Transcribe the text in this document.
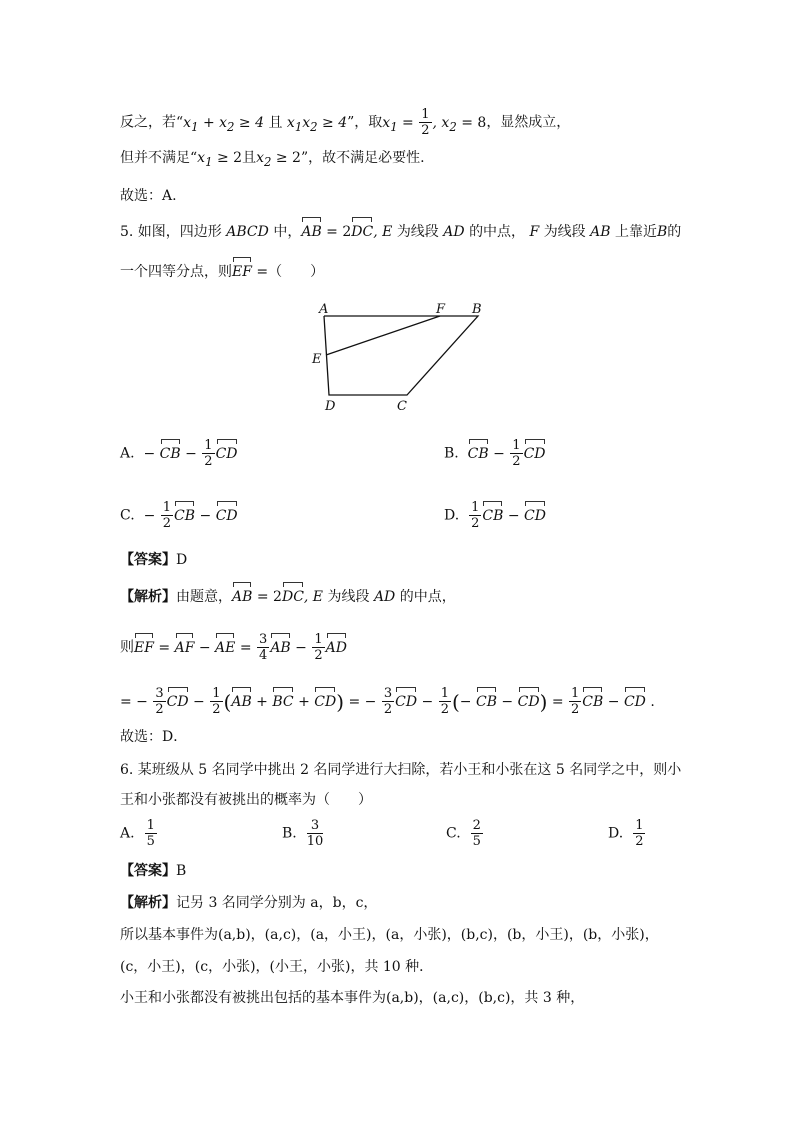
反之，若“$x_1 + x_2 \ge 4$ 且 $x_1x_2 \ge 4$”，取$x_1 = \frac{1}{2}$ , $x_2 = 8$，显然成立，
但并不满足“$x_1 \ge 2$且$x_2 \ge 2$”，故不满足必要性.
故选：A.
5. 如图，四边形 ABCD 中，AB = 2DC, E 为线段 AD 的中点， F 为线段 AB 上靠近B的
一个四等分点，则EF =（　　）
A	F B
E
D	C
A. − CB − $\frac{1}{2}$ CD	B. CB − $\frac{1}{2}$ CD
C. − $\frac{1}{2}$ CB − CD	D. $\frac{1}{2}$ CB − CD
【答案】D
【解析】由题意，AB = 2DC, E 为线段 AD 的中点，
则EF = AF − AE = $\frac{3}{4}$ AB − $\frac{1}{2}$ AD
= − $\frac{3}{2}$ CD − $\frac{1}{2} (AB$ + BC + CD) = − $\frac{3}{2}$ CD − $\frac{1}{2}$ (− CB − $CD) = \frac{1}{2}$ CB − CD .
故选：D．
6. 某班级从 5 名同学中挑出 2 名同学进行大扫除，若小王和小张在这 5 名同学之中，则小
王和小张都没有被挑出的概率为（　　）
A. $\frac{1}{5}$	B. $\frac{3}{10}$	C. $\frac{2}{5}$	D. $\frac{1}{2}$
【答案】B
【解析】记另 3 名同学分别为 a，b，c，
所以基本事件为(a,b)，(a,c)，(a，小王)，(a，小张)，(b,c)，(b，小王)，(b，小张)，
(c，小王)，(c，小张)，(小王，小张)，共 10 种．
小王和小张都没有被挑出包括的基本事件为(a,b)，(a,c)，(b,c)，共 3 种，
